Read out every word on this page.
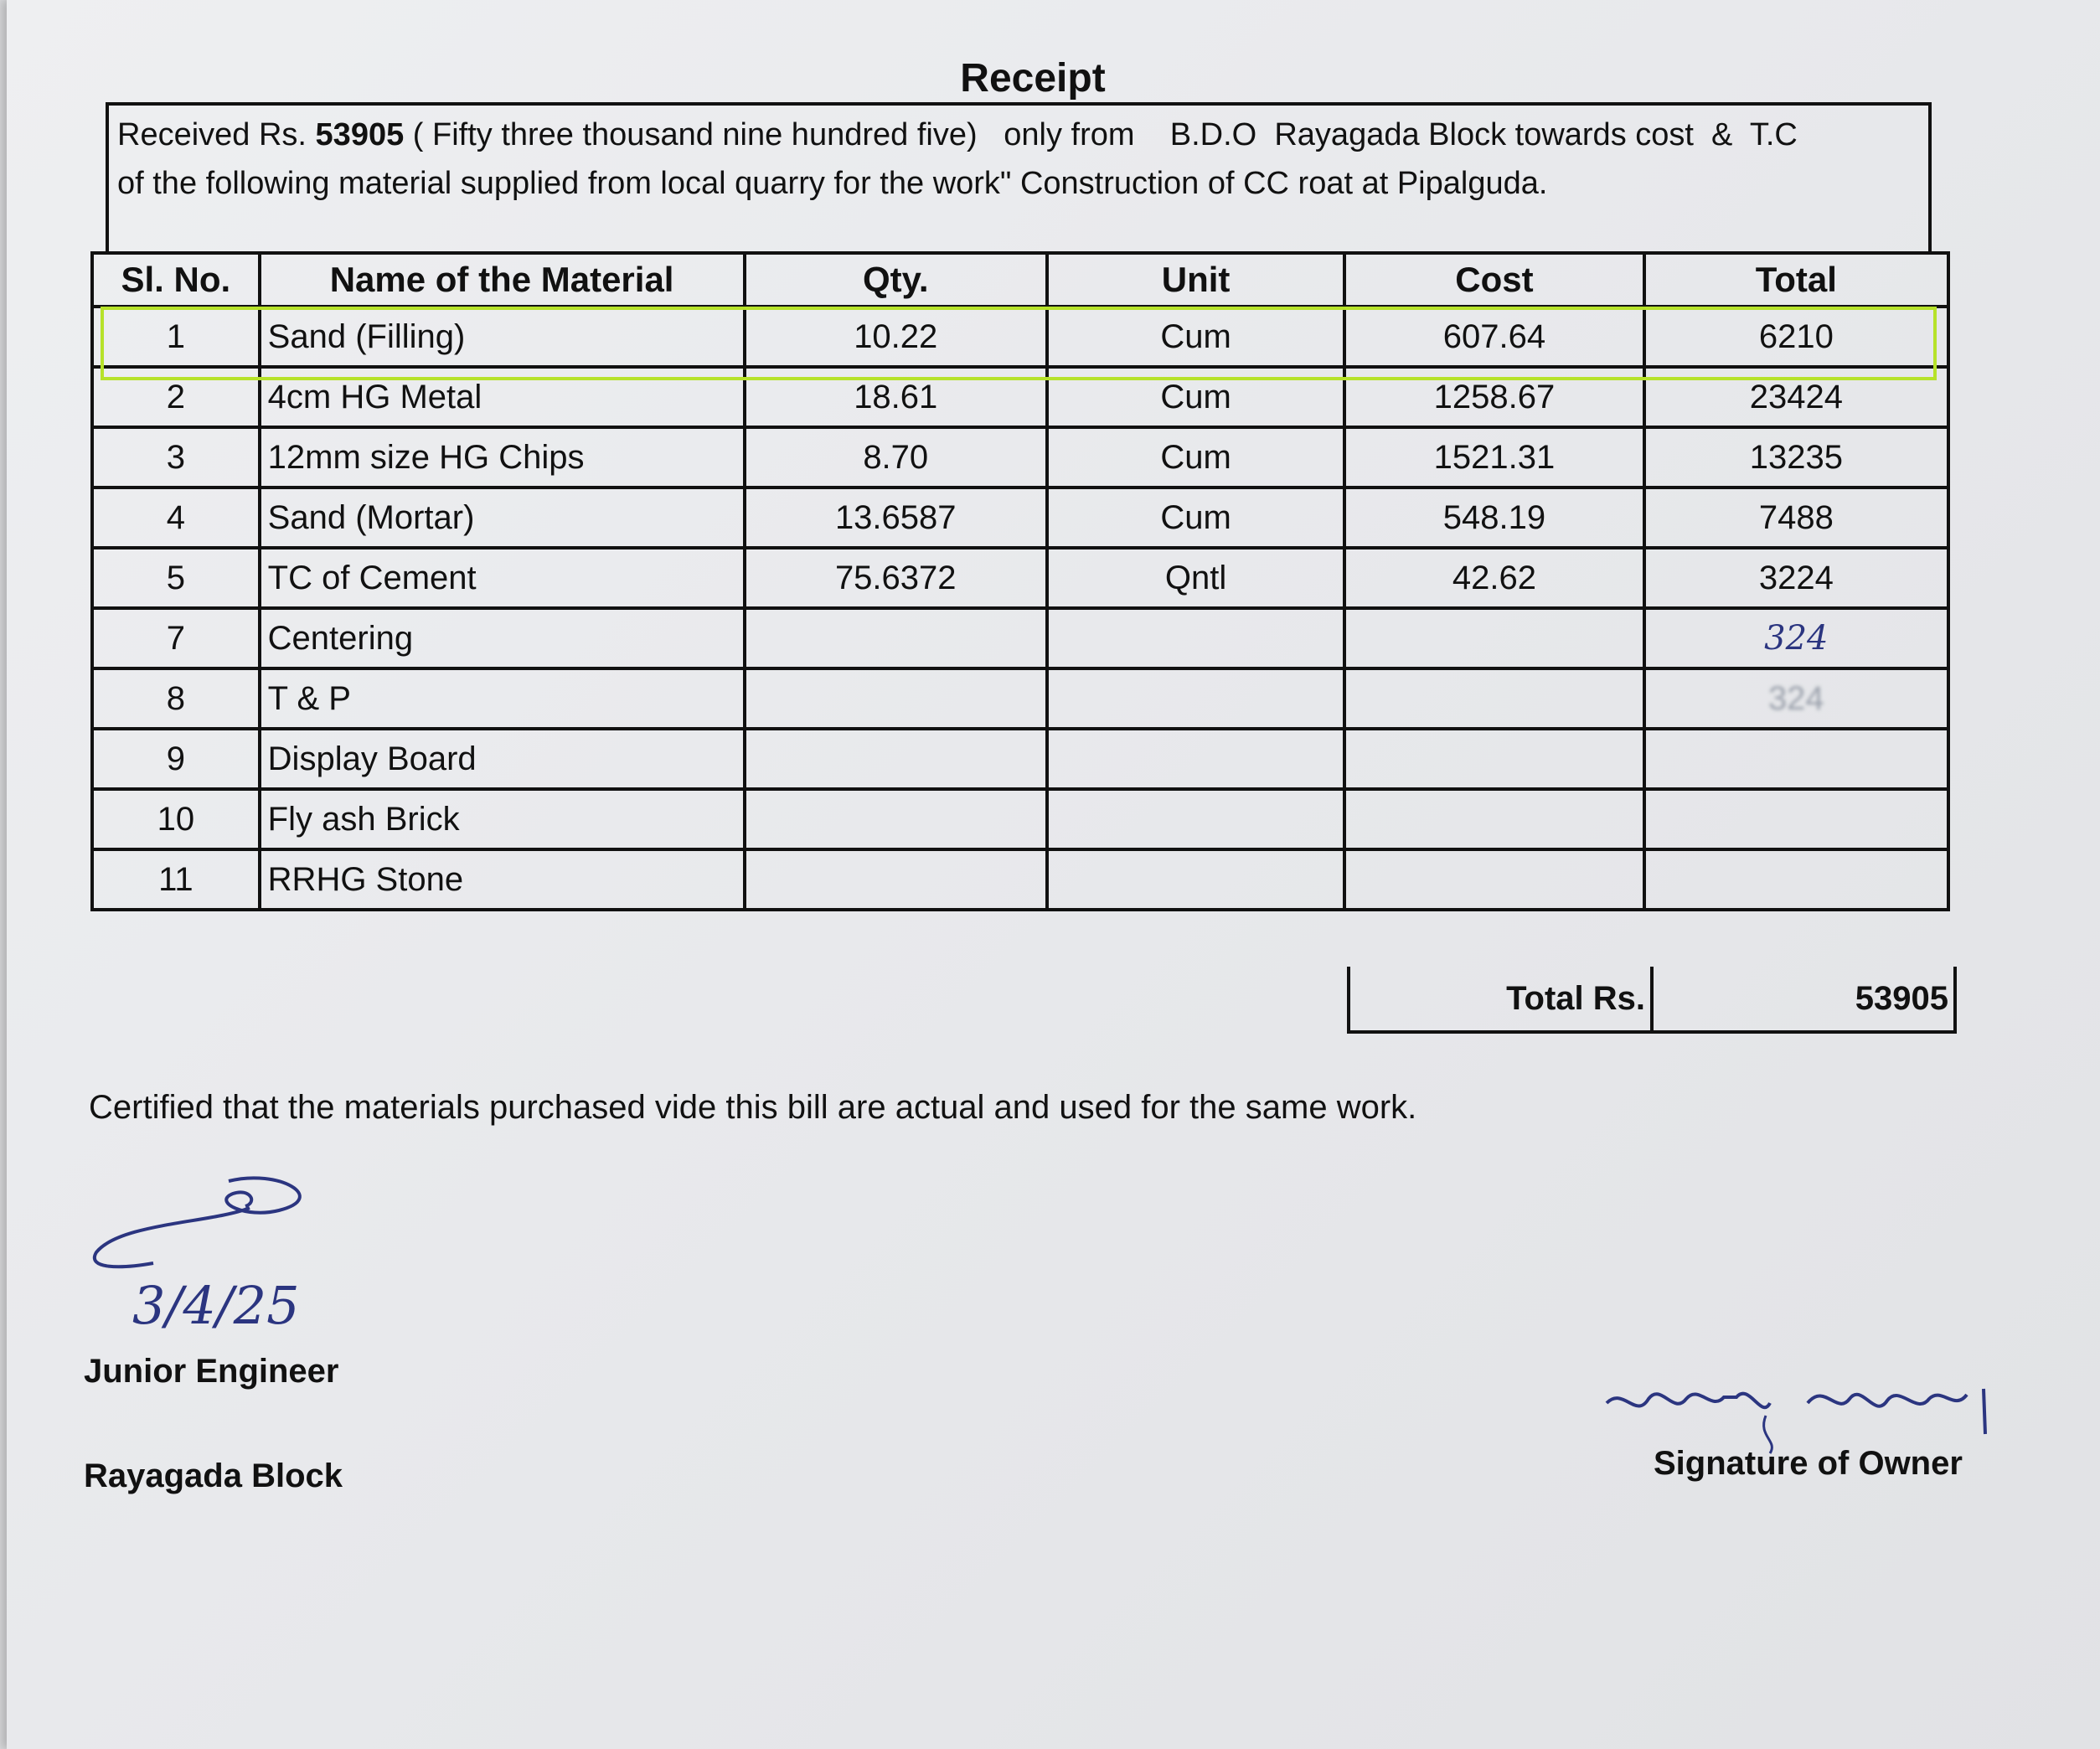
Receipt
Received Rs. 53905 ( Fifty three thousand nine hundred five)   only from    B.D.O  Rayagada Block towards cost  &  T.C
of the following material supplied from local quarry for the work" Construction of CC roat at Pipalguda.
Sl. No.	Name of the Material	Qty.	Unit	Cost	Total
1	Sand (Filling)	10.22	Cum	607.64	6210
2	4cm HG Metal	18.61	Cum	1258.67	23424
3	12mm size HG Chips	8.70	Cum	1521.31	13235
4	Sand (Mortar)	13.6587	Cum	548.19	7488
5	TC of Cement	75.6372	Qntl	42.62	3224
7	Centering				324
8	T & P				324
9	Display Board				
10	Fly ash Brick				
11	RRHG Stone				
Total Rs.	53905
Certified that the materials purchased vide this bill are actual and used for the same work.
3/4/25
Junior Engineer
Rayagada Block	Signature of Owner
